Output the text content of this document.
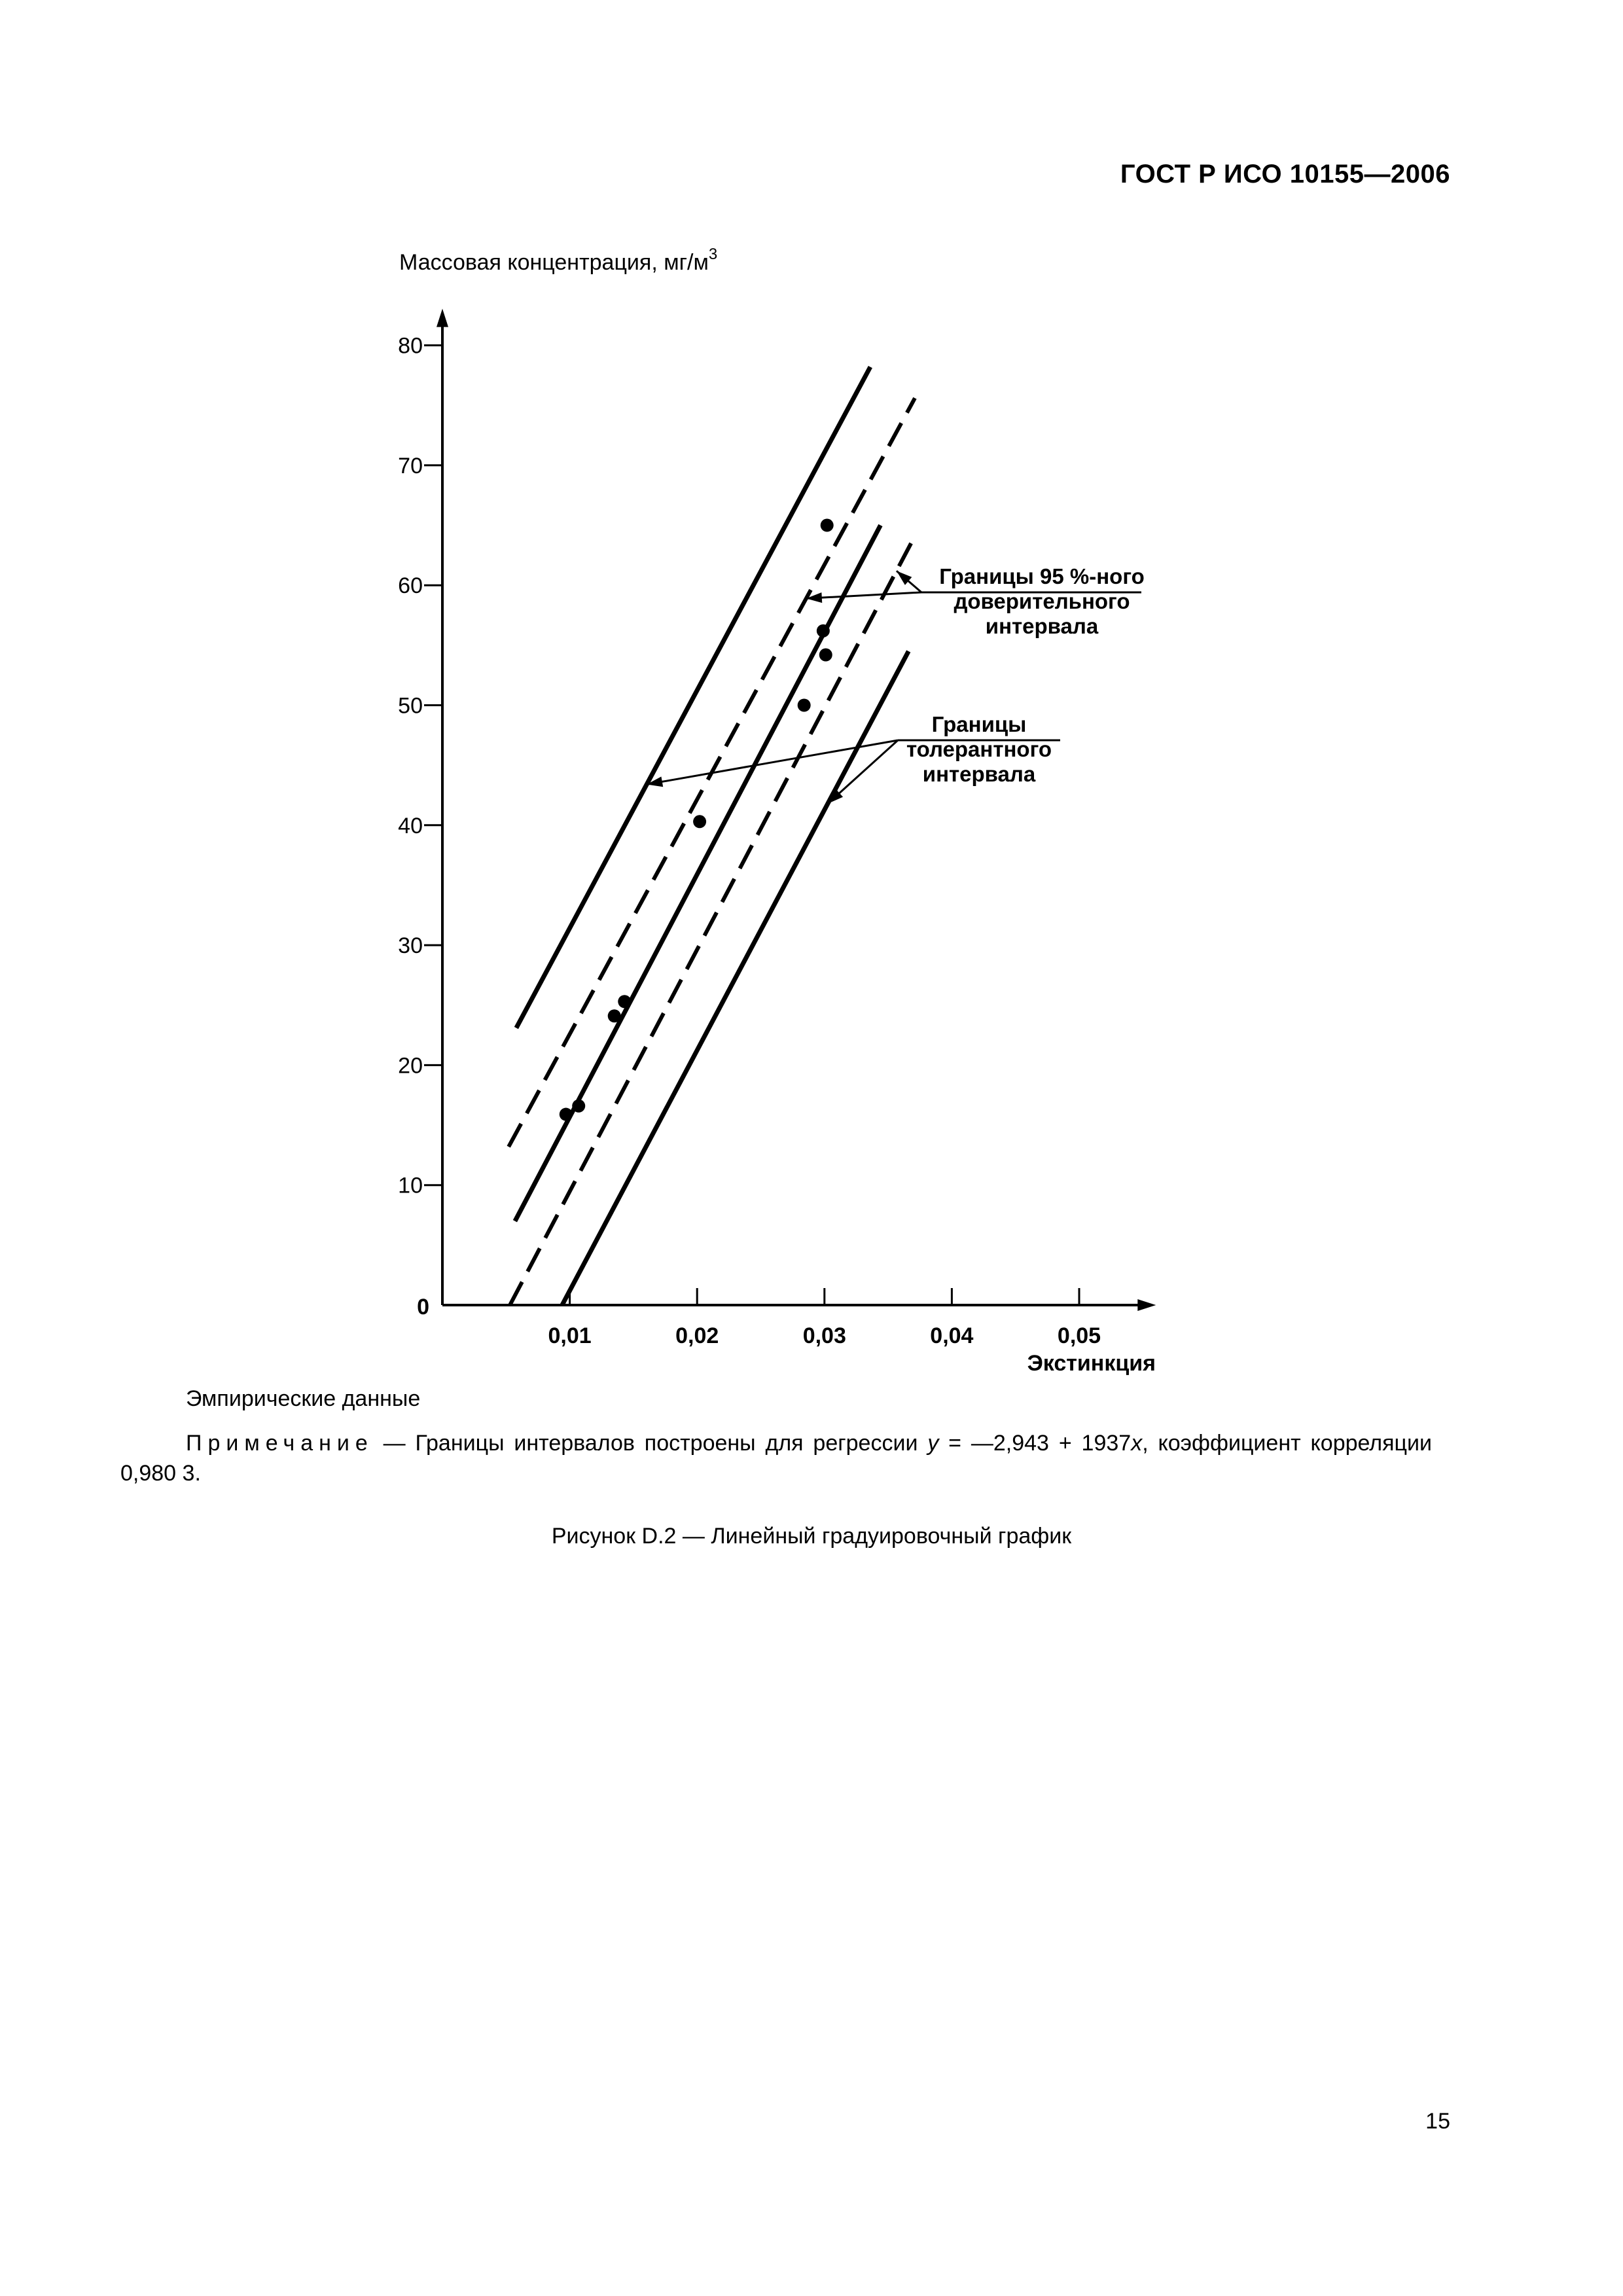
ГОСТ Р ИСО 10155—2006
10
20
30
40
50
60
70
80
0,01	0,02	0,03	0,04	0,05
0
Массовая концентрация, $мг/м^3$
Экстинкция
Границы 95 %-ного
доверительного
интервала
Границы
толерантного
интервала
Эмпирические данные
Примечание — Границы интервалов построены для регрессии y = —2,943 + 1937x, коэффициент корреляции 0,980 3.
Рисунок D.2 — Линейный градуировочный график
15
